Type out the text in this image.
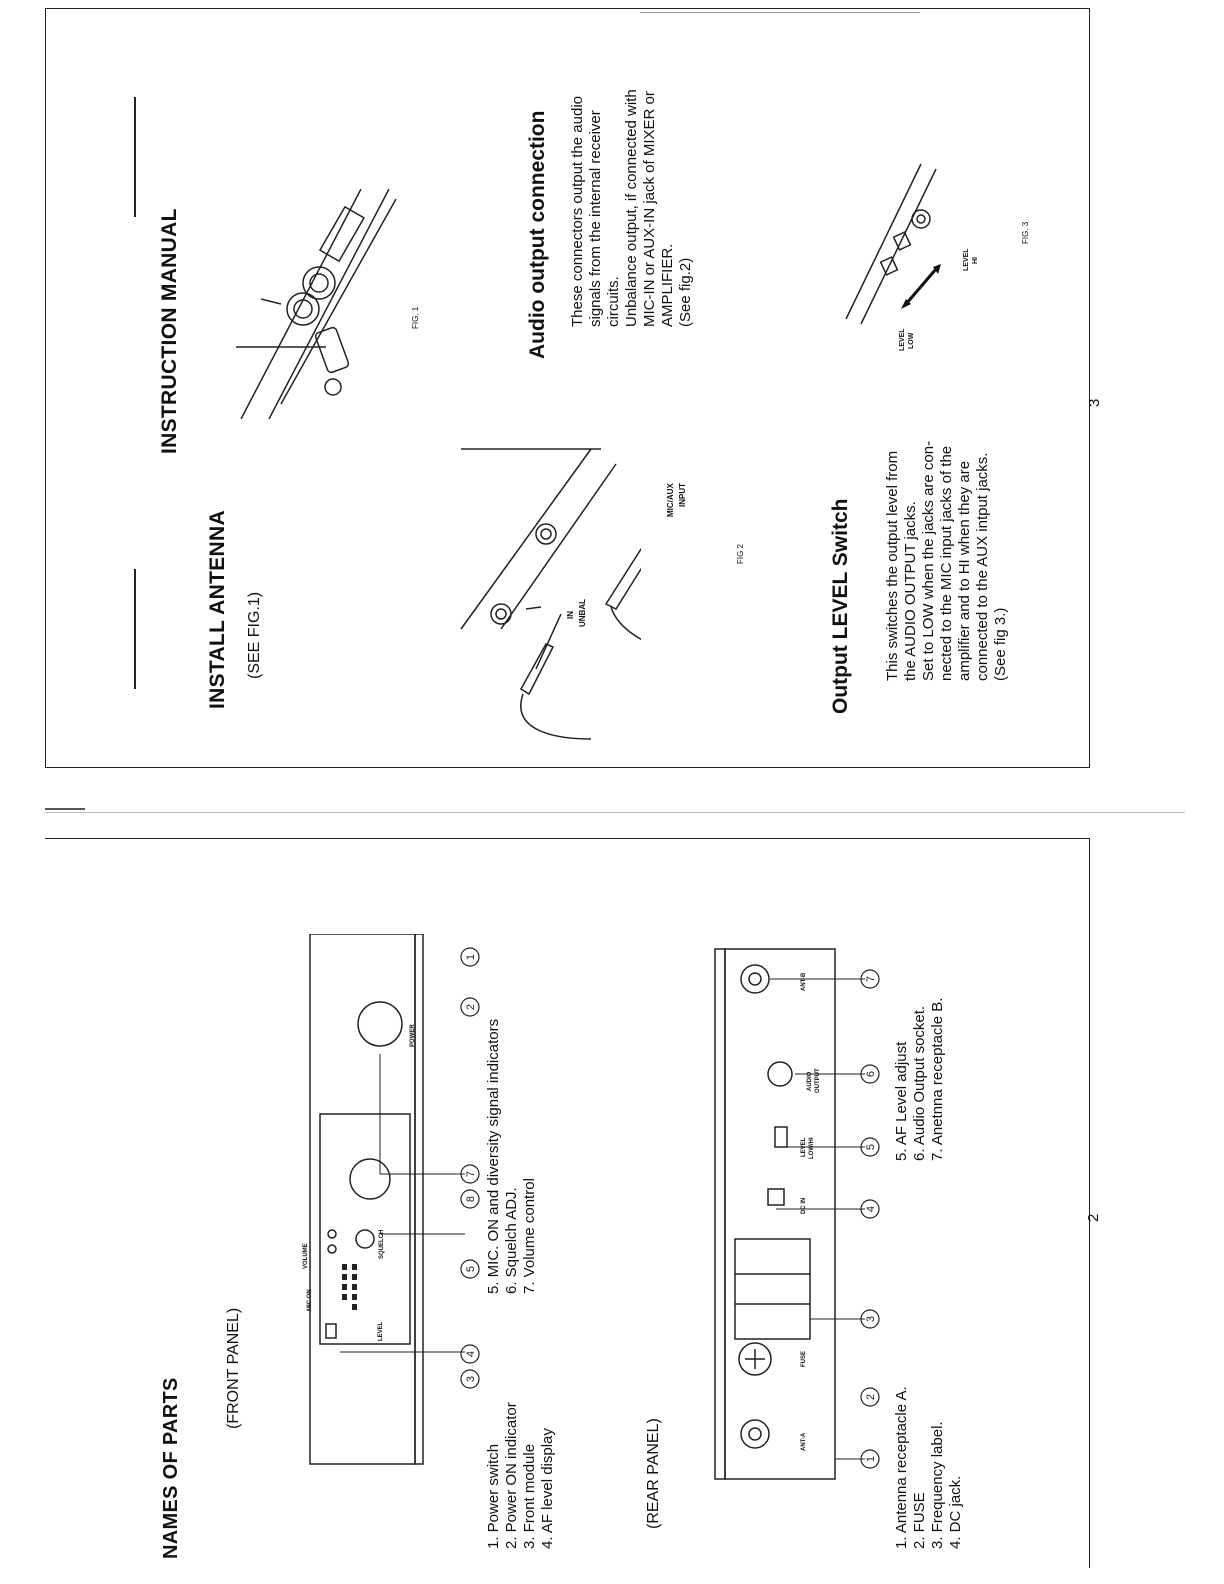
INSTRUCTION MANUAL
INSTALL ANTENNA (SEE FIG.1)
FIG. 1	Audio output connection These connectors output the audio signals from the internal receiver circuits. Unbalance output, if connected with MIC-IN or AUX-IN jack of MIXER or AMPLIFIER. (See fig.2)
IN UNBAL
MIC/AUX INPUT
FIG 2	Output LEVEL Switch This switches the output level from the AUDIO OUTPUT jacks. Set to LOW when the jacks are con- nected to the MIC input jacks of the amplifier and to HI when they are connected to the AUX intput jacks. (See fig 3.)
LEVEL LOW
LEVEL HI
FIG. 3
3
NAMES OF PARTS
(FRONT PANEL)
VOLUME	SQUELCH
POWER
LEVEL
MIC ON
1
2
7
8
5
4
3
1. Power switch 2. Power ON indicator 3. Front module 4. AF level display
5. MIC. ON and diversity signal indicators 6. Squelch ADJ. 7. Volume control
(REAR PANEL)
7
6
5
4
3
2
1
ANT-A
FUSE
DC IN
LEVEL LOW/HI
AUDIO OUTPUT
ANT-B
1. Antenna receptacle A. 2. FUSE 3. Frequency label. 4. DC jack.
5. AF Level adjust 6. Audio Output socket. 7. Anetnna receptacle B.
2
